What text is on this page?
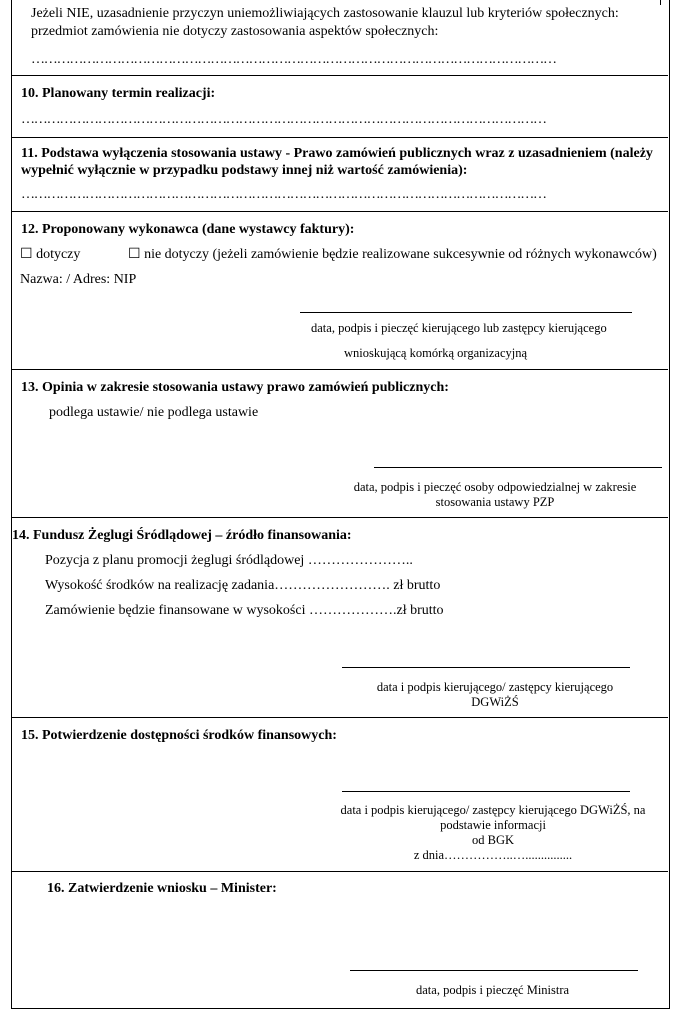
Jeżeli NIE, uzasadnienie przyczyn uniemożliwiających zastosowanie klauzul lub kryteriów społecznych:
przedmiot zamówienia nie dotyczy zastosowania aspektów społecznych:
……………………………………………………………………………………………………………
10. Planowany termin realizacji:
……………………………………………………………………………………………………………
11. Podstawa wyłączenia stosowania ustawy - Prawo zamówień publicznych wraz z uzasadnieniem (należy
wypełnić wyłącznie w przypadku podstawy innej niż wartość zamówienia):
……………………………………………………………………………………………………………
12. Proponowany wykonawca (dane wystawcy faktury):
☐ dotyczy	☐ nie dotyczy (jeżeli zamówienie będzie realizowane sukcesywnie od różnych wykonawców)
Nazwa: / Adres: NIP
data, podpis i pieczęć kierującego lub zastępcy kierującego
wnioskującą komórką organizacyjną
13. Opinia w zakresie stosowania ustawy prawo zamówień publicznych:
podlega ustawie/ nie podlega ustawie
data, podpis i pieczęć osoby odpowiedzialnej w zakresie
stosowania ustawy PZP
14. Fundusz Żeglugi Śródlądowej – źródło finansowania:
Pozycja z planu promocji żeglugi śródlądowej …………………..
Wysokość środków na realizację zadania……………………. zł brutto
Zamówienie będzie finansowane w wysokości ……………….zł brutto
data i podpis kierującego/ zastępcy kierującego
DGWiŻŚ
15. Potwierdzenie dostępności środków finansowych:
data i podpis kierującego/ zastępcy kierującego DGWiŻŚ, na
podstawie informacji
od BGK
z dnia……………..…...............
16. Zatwierdzenie wniosku – Minister:
data, podpis i pieczęć Ministra
